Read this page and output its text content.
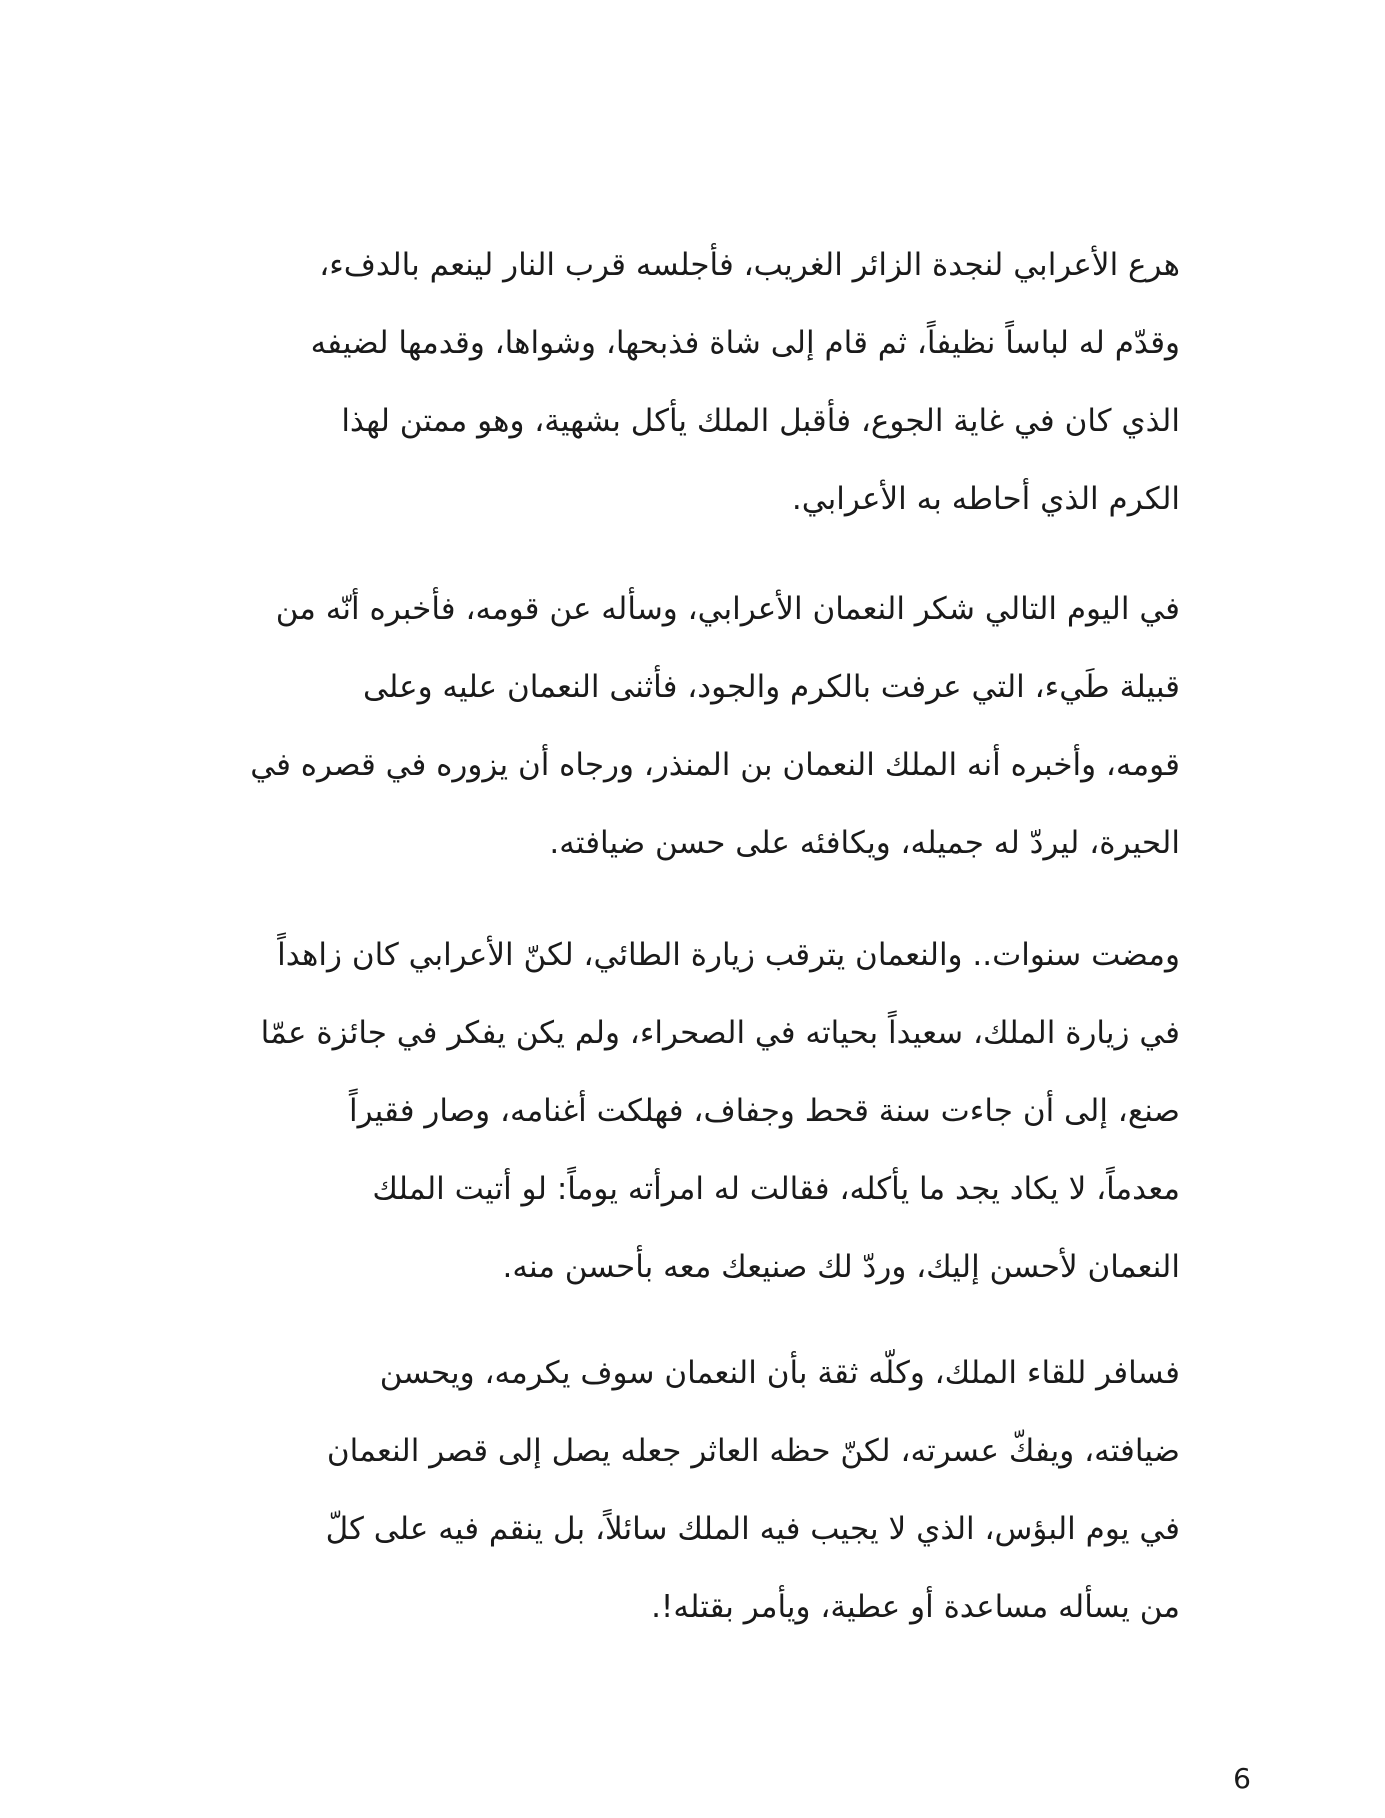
هرع الأعرابي لنجدة الزائر الغريب، فأجلسه قرب النار لينعم بالدفء،
وقدّم له لباساً نظيفاً، ثم قام إلى شاة فذبحها، وشواها، وقدمها لضيفه
الذي كان في غاية الجوع، فأقبل الملك يأكل بشهية، وهو ممتن لهذا
الكرم الذي أحاطه به الأعرابي.
في اليوم التالي شكر النعمان الأعرابي، وسأله عن قومه، فأخبره أنّه من
قبيلة طَيء، التي عرفت بالكرم والجود، فأثنى النعمان عليه وعلى
قومه، وأخبره أنه الملك النعمان بن المنذر، ورجاه أن يزوره في قصره في
الحيرة، ليردّ له جميله، ويكافئه على حسن ضيافته.
ومضت سنوات.. والنعمان يترقب زيارة الطائي، لكنّ الأعرابي كان زاهداً
في زيارة الملك، سعيداً بحياته في الصحراء، ولم يكن يفكر في جائزة عمّا
صنع، إلى أن جاءت سنة قحط وجفاف، فهلكت أغنامه، وصار فقيراً
معدماً، لا يكاد يجد ما يأكله، فقالت له امرأته يوماً: لو أتيت الملك
النعمان لأحسن إليك، وردّ لك صنيعك معه بأحسن منه.
فسافر للقاء الملك، وكلّه ثقة بأن النعمان سوف يكرمه، ويحسن
ضيافته، ويفكّ عسرته، لكنّ حظه العاثر جعله يصل إلى قصر النعمان
في يوم البؤس، الذي لا يجيب فيه الملك سائلاً، بل ينقم فيه على كلّ
من يسأله مساعدة أو عطية، ويأمر بقتله!.
6
